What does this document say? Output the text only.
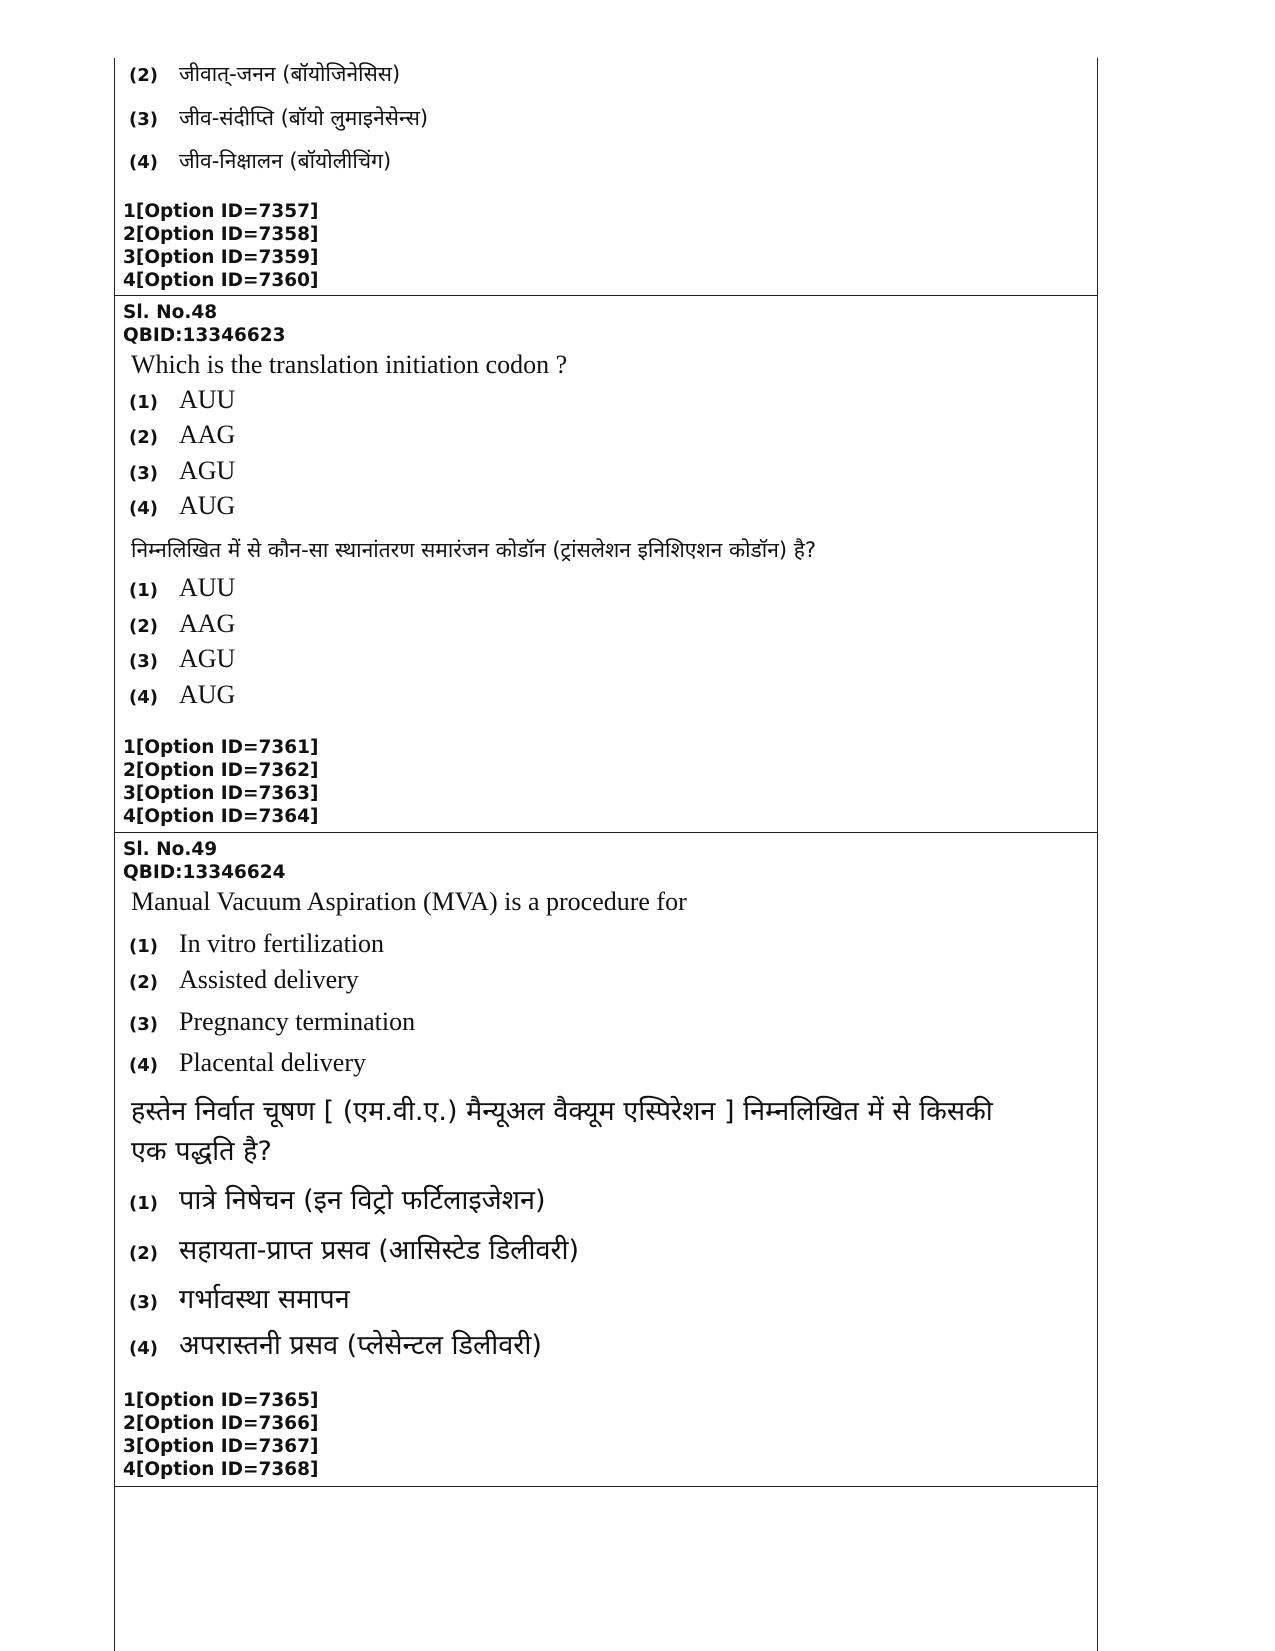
(2)	जीवात्-जनन (बॉयोजिनेसिस)
(3)	जीव-संदीप्ति (बॉयो लुमाइनेसेन्स)
(4)	जीव-निक्षालन (बॉयोलीचिंग)
1[Option ID=7357]
2[Option ID=7358]
3[Option ID=7359]
4[Option ID=7360]
Sl. No.48
QBID:13346623
Which is the translation initiation codon ?
(1) AUU
(2) AAG
(3) AGU
(4) AUG
निम्नलिखित में से कौन-सा स्थानांतरण समारंजन कोडॉन (ट्रांसलेशन इनिशिएशन कोडॉन) है?
(1) AUU
(2) AAG
(3) AGU
(4) AUG
1[Option ID=7361]
2[Option ID=7362]
3[Option ID=7363]
4[Option ID=7364]
Sl. No.49
QBID:13346624
Manual Vacuum Aspiration (MVA) is a procedure for
(1) In vitro fertilization
(2) Assisted delivery
(3) Pregnancy termination
(4) Placental delivery
हस्तेन निर्वात चूषण [ (एम.वी.ए.) मैन्यूअल वैक्यूम एस्पिरेशन ] निम्नलिखित में से किसकी
एक पद्धति है?
(1) पात्रे निषेचन (इन विट्रो फर्टिलाइजेशन)
(2) सहायता-प्राप्त प्रसव (आसिस्टेड डिलीवरी)
(3) गर्भावस्था समापन
(4) अपरास्तनी प्रसव (प्लेसेन्टल डिलीवरी)
1[Option ID=7365]
2[Option ID=7366]
3[Option ID=7367]
4[Option ID=7368]
